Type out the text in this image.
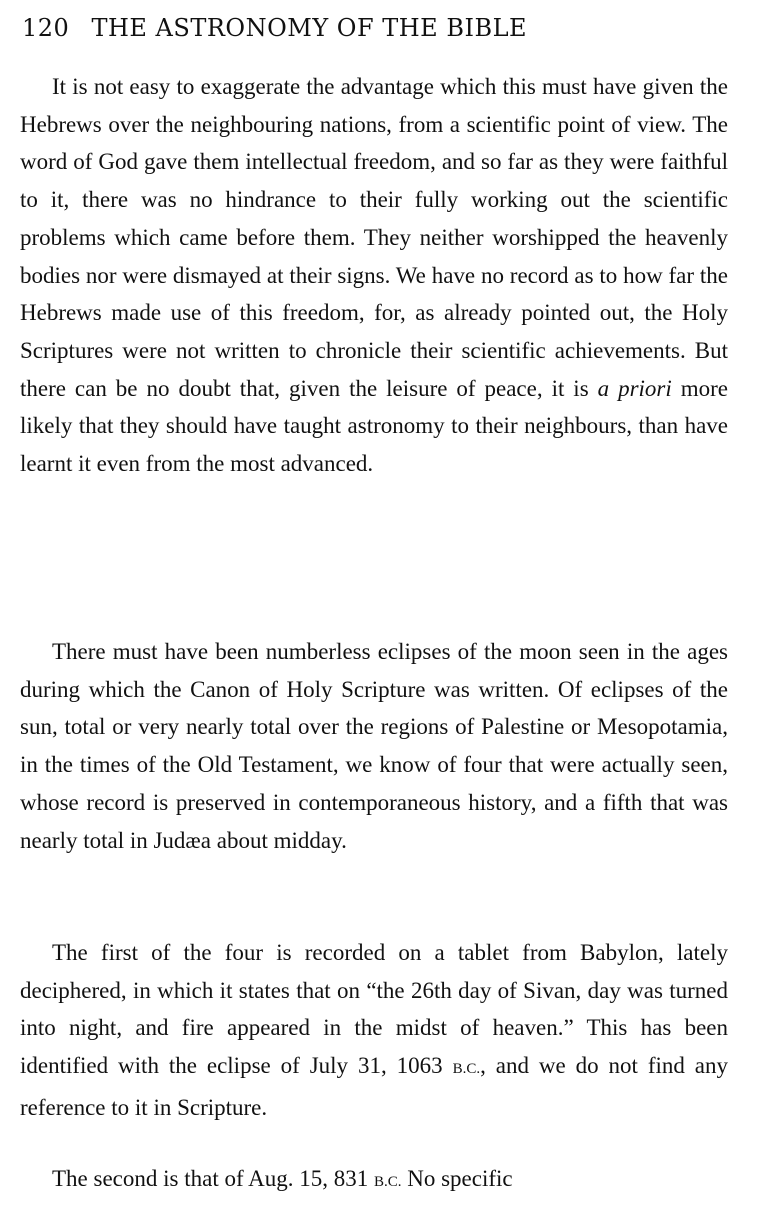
120 THE ASTRONOMY OF THE BIBLE

It is not easy to exaggerate the advantage which this must have given the Hebrews over the neighbouring nations, from a scientific point of view. The word of God gave them intellectual freedom, and so far as they were faithful to it, there was no hindrance to their fully working out the scientific problems which came before them. They neither worshipped the heavenly bodies nor were dismayed at their signs. We have no record as to how far the Hebrews made use of this freedom, for, as already pointed out, the Holy Scriptures were not written to chronicle their scientific achievements. But there can be no doubt that, given the leisure of peace, it is a priori more likely that they should have taught astronomy to their neighbours, than have learnt it even from the most advanced.

There must have been numberless eclipses of the moon seen in the ages during which the Canon of Holy Scripture was written. Of eclipses of the sun, total or very nearly total over the regions of Palestine or Mesopotamia, in the times of the Old Testament, we know of four that were actually seen, whose record is preserved in contemporaneous history, and a fifth that was nearly total in Judæa about midday.

The first of the four is recorded on a tablet from Babylon, lately deciphered, in which it states that on “the 26th day of Sivan, day was turned into night, and fire appeared in the midst of heaven.” This has been identified with the eclipse of July 31, 1063 B.C., and we do not find any reference to it in Scripture.

The second is that of Aug. 15, 831 B.C. No specific
